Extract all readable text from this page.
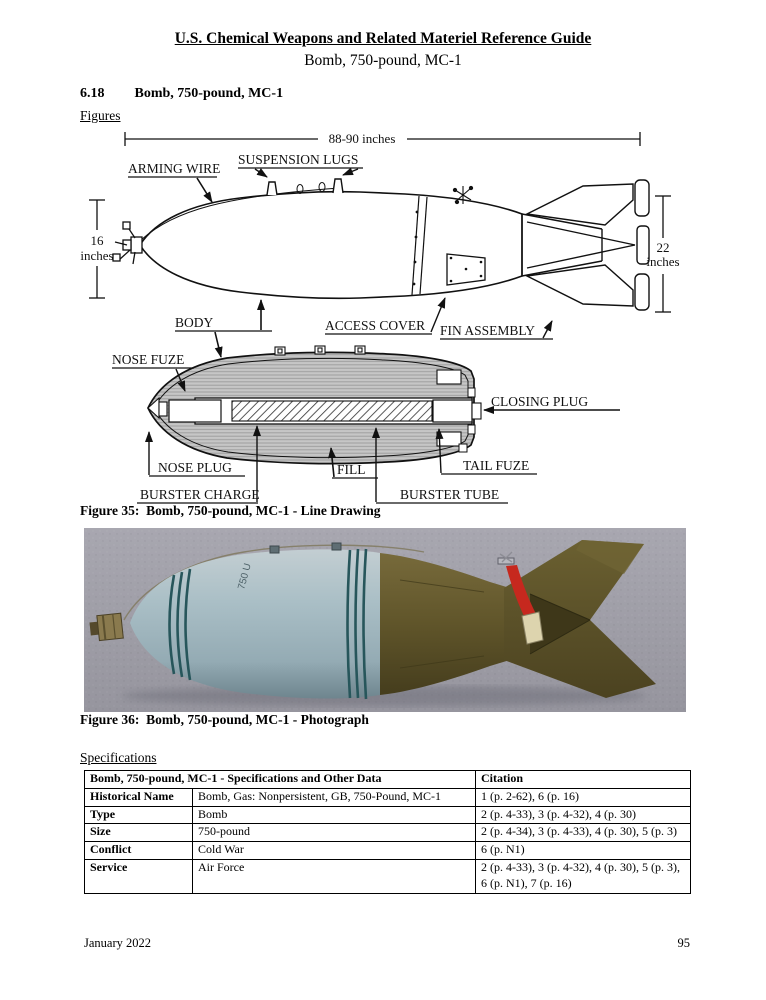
U.S. Chemical Weapons and Related Materiel Reference Guide
Bomb, 750-pound, MC-1
6.18 Bomb, 750-pound, MC-1
Figures
88-90 inches
16
inches
22
inches
ARMING WIRE
SUSPENSION LUGS
BODY	ACCESS COVER FIN ASSEMBLY
NOSE FUZE
CLOSING PLUG
NOSE PLUG
BURSTER CHARGE
FILL	TAIL FUZE
BURSTER TUBE
Figure 35:  Bomb, 750-pound, MC-1 - Line Drawing
750 U
Figure 36:  Bomb, 750-pound, MC-1 - Photograph
Specifications
Bomb, 750-pound, MC-1 - Specifications and Other Data		Citation
Historical Name	Bomb, Gas: Nonpersistent, GB, 750-Pound, MC-1	1 (p. 2-62), 6 (p. 16)
Type	Bomb	2 (p. 4-33), 3 (p. 4-32), 4 (p. 30)
Size	750-pound	2 (p. 4-34), 3 (p. 4-33), 4 (p. 30), 5 (p. 3)
Conflict	Cold War	6 (p. N1)
Service	Air Force	2 (p. 4-33), 3 (p. 4-32), 4 (p. 30), 5 (p. 3), 6 (p. N1), 7 (p. 16)
January 2022	95
